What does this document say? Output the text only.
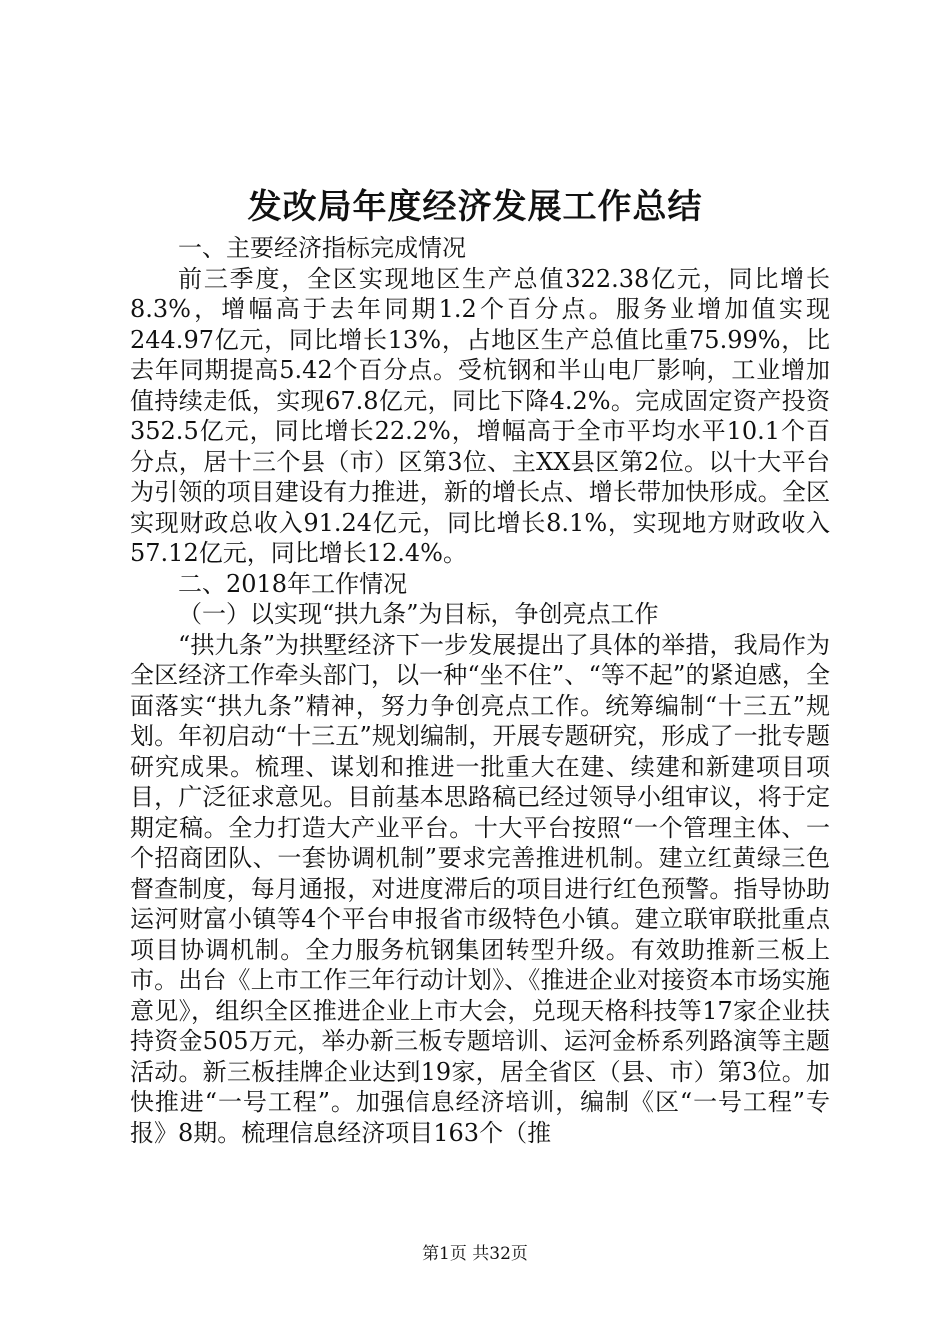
发改局年度经济发展工作总结

一、主要经济指标完成情况

前三季度，全区实现地区生产总值322.38亿元，同比增长8.3%，增幅高于去年同期1.2个百分点。服务业增加值实现244.97亿元，同比增长13%，占地区生产总值比重75.99%，比去年同期提高5.42个百分点。受杭钢和半山电厂影响，工业增加值持续走低，实现67.8亿元，同比下降4.2%。完成固定资产投资352.5亿元，同比增长22.2%，增幅高于全市平均水平10.1个百分点，居十三个县（市）区第3位、主XX县区第2位。以十大平台为引领的项目建设有力推进，新的增长点、增长带加快形成。全区实现财政总收入91.24亿元，同比增长8.1%，实现地方财政收入57.12亿元，同比增长12.4%。

二、2018年工作情况

（一）以实现“拱九条”为目标，争创亮点工作

“拱九条”为拱墅经济下一步发展提出了具体的举措，我局作为全区经济工作牵头部门，以一种“坐不住”、“等不起”的紧迫感，全面落实“拱九条”精神，努力争创亮点工作。统筹编制“十三五”规划。年初启动“十三五”规划编制，开展专题研究，形成了一批专题研究成果。梳理、谋划和推进一批重大在建、续建和新建项目项目，广泛征求意见。目前基本思路稿已经过领导小组审议，将于定期定稿。全力打造大产业平台。十大平台按照“一个管理主体、一个招商团队、一套协调机制”要求完善推进机制。建立红黄绿三色督查制度，每月通报，对进度滞后的项目进行红色预警。指导协助运河财富小镇等4个平台申报省市级特色小镇。建立联审联批重点项目协调机制。全力服务杭钢集团转型升级。有效助推新三板上市。出台《上市工作三年行动计划》、《推进企业对接资本市场实施意见》，组织全区推进企业上市大会，兑现天格科技等17家企业扶持资金505万元，举办新三板专题培训、运河金桥系列路演等主题活动。新三板挂牌企业达到19家，居全省区（县、市）第3位。加快推进“一号工程”。加强信息经济培训，编制《区“一号工程”专报》8期。梳理信息经济项目163个（推

第1页 共32页
